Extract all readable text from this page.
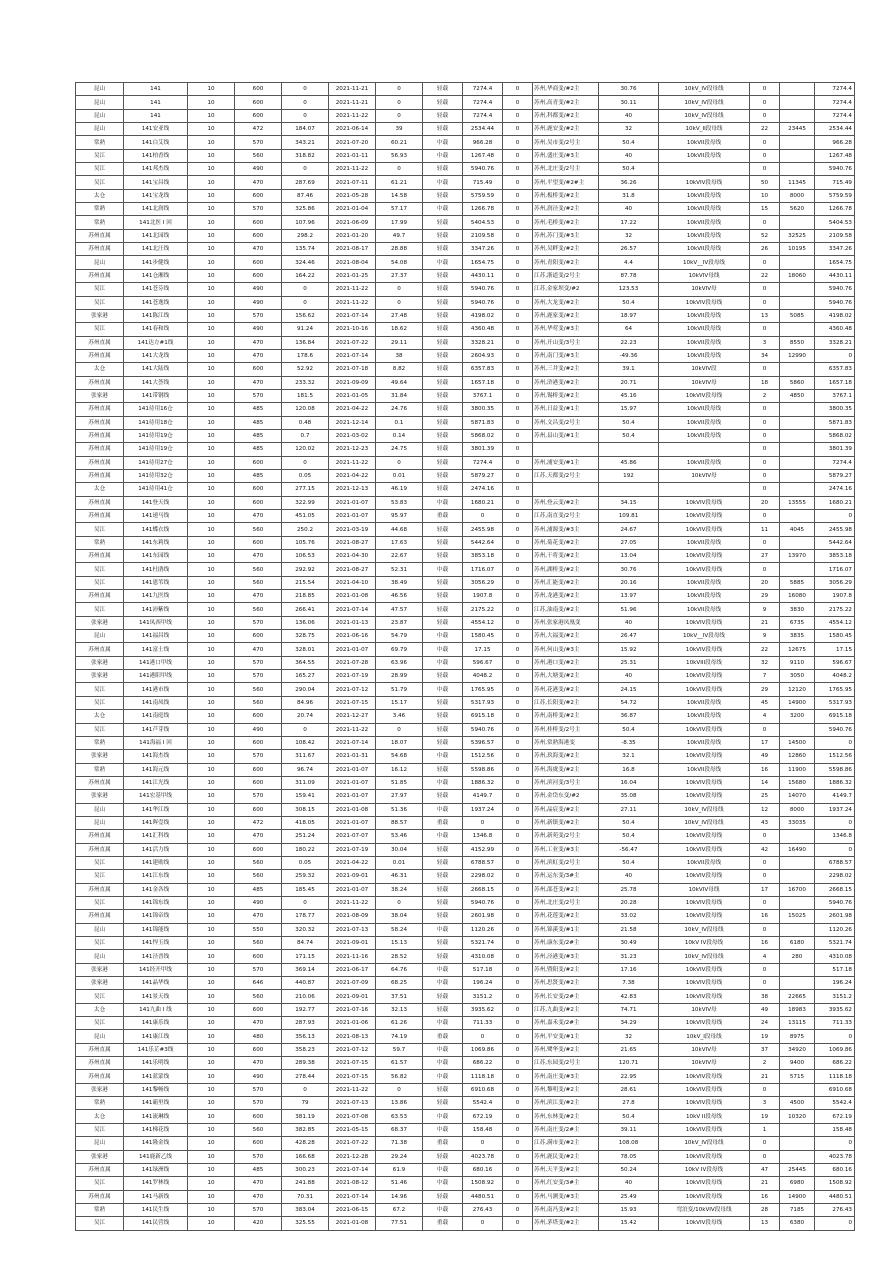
昆山	141	10	600	0	2021-11-21	0	轻载	7274.4	0	苏州,华商变/#2主	30.76	10kV_IV段母线	0		7274.4
昆山	141	10	600	0	2021-11-21	0	轻载	7274.4	0	苏州,高青变/#2主	30.11	10kV_IV段母线	0		7274.4
昆山	141	10	600	0	2021-11-22	0	轻载	7274.4	0	苏州,科都变/#2主	40	10kV_IV段母线	0		7274.4
昆山	141安亚线	10	472	184.07	2021-06-14	39	轻载	2534.44	0	苏州,鹿安变/#2主	32	10kV_II段母线	22	23445	2534.44
常熟	141白艾线	10	570	343.21	2021-07-20	60.21	中载	966.28	0	苏州,吴市变/2号主	50.4	10kVII段母线	0		966.28
吴江	141柏香线	10	560	318.82	2021-01-11	56.93	中载	1267.48	0	苏州,盛庄变/#3主	40	10kVII段母线	0		1267.48
吴江	141邦杰线	10	490	0	2021-11-22	0	轻载	5940.76	0	苏州,北庄变/2号主	50.4		0		5940.76
吴江	141宝昌线	10	470	287.69	2021-07-11	61.21	中载	715.49	0	苏州,平望变/#2#主	36.26	10kVIV段母线	50	11345	715.49
太仓	141宝龙线	10	600	87.46	2021-05-28	14.58	轻载	5759.59	0	苏州,板桥变/#2主	31.8	10kVII段母线	10	8000	5759.59
常熟	141北润线	10	570	325.86	2021-01-04	57.17	中载	1266.78	0	苏州,润泾变/#2主	40	10kVII段母线	15	5620	1266.78
常熟	141北医 I 回	10	600	107.96	2021-06-09	17.99	轻载	5404.53	0	苏州,毛桥变/#2主	17.22	10kVII段母线	0		5404.53
苏州直属	141北园线	10	600	298.2	2021-01-20	49.7	轻载	2109.58	0	苏州,苏门变/#3主	32	10kVII段母线	52	32525	2109.58
苏州直属	141北汪线	10	470	135.74	2021-08-17	28.88	轻载	3347.26	0	苏州,吴畔变/#2主	26.57	10kVII段母线	26	10195	3347.26
昆山	141步健线	10	600	324.46	2021-08-04	54.08	中载	1654.75	0	苏州,青阳变/#2主	4.4	10kV__IV段母线	0		1654.75
苏州直属	141仓湘线	10	600	164.22	2021-01-25	27.37	轻载	4430.11	0	江苏,浙道变/2号主	87.78	10kVIV母线	22	18060	4430.11
吴江	141苍芬线	10	490	0	2021-11-22	0	轻载	5940.76	0	江苏,金家坝变/#2	123.53	10kVIV母	0		5940.76
吴江	141苍逸线	10	490	0	2021-11-22	0	轻载	5940.76	0	苏州,大龙变/#2主	50.4	10kVIV段母线	0		5940.76
张家港	141陈江线	10	570	156.62	2021-07-14	27.48	轻载	4198.02	0	苏州,鹿家变/#2主	18.97	10kVII段母线	13	5085	4198.02
吴江	141春和线	10	490	91.24	2021-10-16	18.62	轻载	4360.48	0	苏州,华莺变/#3主	64	10kVII段母线	0		4360.48
苏州直属	141达方#1线	10	470	136.84	2021-07-22	29.11	轻载	3328.21	0	苏州,开山变/3号主	22.23	10kVII段母线	3	8550	3328.21
苏州直属	141大龙线	10	470	178.6	2021-07-14	38	轻载	2604.93	0	苏州,南门变/#3主	-49.36	10kVII段母线	34	12990	0
太仓	141大陆线	10	600	52.92	2021-07-18	8.82	轻载	6357.83	0	苏州,三井变/#2主	39.1	10kVIV段	0		6357.83
苏州直属	141大荟线	10	470	233.32	2021-09-09	49.64	轻载	1657.18	0	苏州,浒港变/#2主	20.71	10kVIV母	18	5860	1657.18
张家港	141带钢线	10	570	181.5	2021-01-05	31.84	轻载	3767.1	0	苏州,锡桥变/#2主	45.16	10kVIV段母线	2	4850	3767.1
苏州直属	141待用16仓	10	485	120.08	2021-04-22	24.76	轻载	3800.35	0	苏州,日益变/#1主	15.97	10kVII段母线	0		3800.35
苏州直属	141待用18仓	10	485	0.48	2021-12-14	0.1	轻载	5871.83	0	苏州,文昌变/2号主	50.4	10kVII段母线	0		5871.83
苏州直属	141待用19仓	10	485	0.7	2021-03-02	0.14	轻载	5868.02	0	苏州,县山变/#1主	50.4	10kVII段母线	0		5868.02
苏州直属	141待用19仓	10	485	120.02	2021-12-23	24.75	轻载	3801.39	0				0		3801.39
苏州直属	141待用27仓	10	600	0	2021-11-22	0	轻载	7274.4	0	苏州,浦安变/#1主	45.86	10kVII段母线	0		7274.4
苏州直属	141待用32仓	10	485	0.05	2021-04-22	0.01	轻载	5879.27	0	江苏,天都变/2号主	192	10kVIV母	0		5879.27
太仓	141待用41仓	10	600	277.15	2021-12-13	46.19	轻载	2474.16	0				0		2474.16
苏州直属	141登天线	10	600	322.99	2021-01-07	53.83	中载	1680.21	0	苏州,登云变/#2主	34.15	10kVIV段母线	20	13555	1680.21
苏州直属	141递马线	10	470	451.05	2021-01-07	95.97	重载	0	0	江苏,南直变/2号主	109.81	10kVIV段母线	0		0
吴江	141蝶衣线	10	560	250.2	2021-03-19	44.68	轻载	2455.98	0	苏州,浦源变/#3主	24.67	10kVIV段母线	11	4045	2455.98
常熟	141东莉线	10	600	105.76	2021-08-27	17.63	轻载	5442.64	0	苏州,菊花变/#2主	27.05	10kVII段母线	0		5442.64
苏州直属	141东园线	10	470	106.53	2021-04-30	22.67	轻载	3853.18	0	苏州,干将变/#2主	13.04	10kVIV段母线	27	13970	3853.18
吴江	141杜鹃线	10	560	292.92	2021-08-27	52.31	中载	1716.07	0	苏州,湖桥变/#2主	30.76	10kVIV段母线	0		1716.07
吴江	141恩苇线	10	560	215.54	2021-04-10	38.49	轻载	3056.29	0	苏州,汇能变/#2主	20.16	10kVII段母线	20	5885	3056.29
苏州直属	141九医线	10	470	218.85	2021-01-08	46.56	轻载	1907.8	0	苏州,龙港变/#2主	13.97	10kVII段母线	29	16080	1907.8
吴江	141沛紫线	10	560	266.41	2021-07-14	47.57	轻载	2175.22	0	江苏,油南变/#2主	51.96	10kVII段母线	9	3830	2175.22
张家港	141凤西甲线	10	570	136.06	2021-01-13	23.87	轻载	4554.12	0	苏州,张家港凤凰变	40	10kVIV段母线	21	6735	4554.12
昆山	141福昌线	10	600	328.75	2021-06-16	54.79	中载	1580.45	0	苏州,大福变/#2主	26.47	10kV__IV段母线	9	3835	1580.45
苏州直属	141富士线	10	470	328.01	2021-01-07	69.79	中载	17.15	0	苏州,何山变/#3主	15.92	10kVIV段母线	22	12675	17.15
张家港	141港口甲线	10	570	364.55	2021-07-28	63.96	中载	596.67	0	苏州,港口变/#2主	25.31	10kVIII段母线	32	9110	596.67
张家港	141港阳甲线	10	570	165.27	2021-07-19	28.99	轻载	4048.2	0	苏州,大塘变/#2主	40	10kVIV段母线	7	3050	4048.2
吴江	141港市线	10	560	290.04	2021-07-12	51.79	中载	1765.95	0	苏州,花港变/#2主	24.15	10kVIV段母线	29	12120	1765.95
吴江	141南凤线	10	560	84.96	2021-07-15	15.17	轻载	5317.93	0	江苏,长阳变/#2主	54.72	10kVII段母线	45	14900	5317.93
太仓	141南庭线	10	600	20.74	2021-12-27	3.46	轻载	6915.18	0	苏州,南桥变/#2主	36.87	10kVII段母线	4	3200	6915.18
吴江	141芦芽线	10	490	0	2021-11-22	0	轻载	5940.76	0	苏州,桂桥变/2号主	50.4	10kVIV段母线	0		5940.76
常熟	141海福 I 回	10	600	108.42	2021-07-14	18.07	轻载	5396.57	0	苏州,常熟海港变	-8.35	10kVII段母线	17	14500	0
张家港	141海杰线	10	570	311.67	2021-01-31	54.68	中载	1512.56	0	苏州,玖海变/#2主	32.1	10kVIV段母线	49	12860	1512.56
常熟	141海元线	10	600	96.74	2021-01-07	16.12	轻载	5598.86	0	苏州,海虞变/#2主	16.8	10kVII段母线	16	11900	5598.86
苏州直属	141江光线	10	600	311.09	2021-01-07	51.85	中载	1886.32	0	苏州,滨河变/3号主	16.04	10kVIV段母线	14	15680	1886.32
张家港	141宏基甲线	10	570	159.41	2021-01-07	27.97	轻载	4149.7	0	苏州,金岱东变/#2	35.08	10kVIV段母线	25	14070	4149.7
昆山	141华江线	10	600	308.15	2021-01-08	51.36	中载	1937.24	0	苏州,晶宸变/#2主	27.11	10kV_IV段母线	12	8000	1937.24
昆山	141晖壹线	10	472	418.05	2021-01-07	88.57	重载	0	0	苏州,新镇变/#2主	50.4	10kV_IV段母线	43	33035	0
苏州直属	141汇科线	10	470	251.24	2021-07-07	53.46	中载	1346.8	0	苏州,新苑变/2号主	50.4	10kVIV段母线	0		1346.8
苏州直属	141活力线	10	600	180.22	2021-07-19	30.04	轻载	4152.99	0	苏州,工业变/#3主	-56.47	10kVIV段母线	42	16490	0
吴江	141建勋线	10	560	0.05	2021-04-22	0.01	轻载	6788.57	0	苏州,滨虹变/2号主	50.4	10kVII段母线	0		6788.57
吴江	141江东线	10	560	259.32	2021-09-01	46.31	轻载	2298.02	0	苏州,运东变/3#主	40	10kVIV段母线	0		2298.02
苏州直属	141金各线	10	485	185.45	2021-01-07	38.24	轻载	2668.15	0	苏州,邵苍变/#2主	25.78	10kVIV母线	17	16700	2668.15
吴江	141锦东线	10	490	0	2021-11-22	0	轻载	5940.76	0	苏州,北庄变/2号主	20.28	10kVIV段母线	0		5940.76
苏州直属	141锦帝线	10	470	178.77	2021-08-09	38.04	轻载	2601.98	0	苏州,花莲变/#2主	33.02	10kVIV段母线	16	15025	2601.98
昆山	141锦能线	10	550	320.32	2021-07-13	58.24	中载	1120.26	0	苏州,锦溪变/#1主	21.58	10kV_IV段母线	0		1120.26
吴江	141悍玉线	10	560	84.74	2021-09-01	15.13	轻载	5321.74	0	苏州,康东变/2#主	30.49	10kV IV段母线	16	6180	5321.74
昆山	141泾晋线	10	600	171.15	2021-11-16	28.52	轻载	4310.08	0	苏州,泾港变/#3主	31.23	10kV_IV段母线	4	280	4310.08
张家港	141经开甲线	10	570	369.14	2021-06-17	64.76	中载	517.18	0	苏州,暨阳变/#2主	17.16	10kVIV段母线	0		517.18
张家港	141晶华线	10	646	440.87	2021-07-09	68.25	中载	196.24	0	苏州,思贤变/#2主	7.38	10kVIV段母线	0		196.24
吴江	141景天线	10	560	210.06	2021-09-01	37.51	轻载	3151.2	0	苏州,长安变/2#主	42.83	10kVIV段母线	38	22665	3151.2
太仓	141九曲 I 线	10	600	192.77	2021-07-16	32.13	轻载	3935.62	0	江苏,九曲变/#2主	74.71	10kVIV母	49	18983	3935.62
吴江	141康乐线	10	470	287.93	2021-01-06	61.26	中载	711.33	0	苏州,嘉禾变/2#主	34.29	10kVIV段母线	24	13115	711.33
昆山	141康江线	10	480	356.13	2021-08-13	74.19	重载	0	0	苏州,平安变/#1主	32	10kV_I段母线	19	8975	0
苏州直属	141乐芷#3线	10	600	358.23	2021-07-12	59.7	中载	1069.86	0	苏州,鹭华变/#2主	21.65	10kVIV母	37	34920	1069.86
苏州直属	141乐明线	10	470	289.38	2021-07-15	61.57	中载	686.22	0	江苏,东园变/2号主	120.71	10kVIV母	2	9400	686.22
苏州直属	141蓝蒙线	10	490	278.44	2021-07-15	56.82	中载	1118.18	0	苏州,南庄变/#3主	22.95	10kVIV段母线	21	5715	1118.18
张家港	141黎畅线	10	570	0	2021-11-22	0	轻载	6910.68	0	苏州,黎明变/#2主	28.61	10kVIV段母线	0		6910.68
常熟	141霸里线	10	570	79	2021-07-13	13.86	轻载	5542.4	0	苏州,滨江变/#2主	27.8	10kVIV段母线	3	4500	5542.4
太仓	141流琳线	10	600	381.19	2021-07-08	63.53	中载	672.19	0	苏州,东林变/#2主	50.4	10kV II段母线	19	10320	672.19
吴江	141梯花线	10	560	382.85	2021-05-15	68.37	中载	158.48	0	苏州,南庄变/2#主	39.11	10kVIV段母线	1		158.48
昆山	141隆金线	10	600	428.28	2021-07-22	71.38	重载	0	0	江苏,满市变/#2主	108.08	10kV_IV段母线	0		0
张家港	141鹿新乙线	10	570	166.68	2021-12-28	29.24	轻载	4023.78	0	苏州,鹿民变/#2主	78.05	10kVIV段母线	0		4023.78
苏州直属	141绿洲线	10	485	300.23	2021-07-14	61.9	中载	680.16	0	苏州,天平变/#2主	50.24	10kV IV段母线	47	25445	680.16
吴江	141罗林线	10	470	241.88	2021-08-12	51.46	中载	1508.92	0	苏州,红安变/3#主	40	10kVIV段母线	21	6980	1508.92
苏州直属	141马新线	10	470	70.31	2021-07-14	14.96	轻载	4480.51	0	苏州,马测变/#3主	25.49	10kVIV段母线	16	14900	4480.51
常熟	141民生线	10	570	383.04	2021-06-15	67.2	中载	276.43	0	苏州,南冯变/#2主	15.93	弯泊变/10kVIV段母线	28	7185	276.43
吴江	141民营线	10	420	325.55	2021-01-08	77.51	重载	0	0	苏州,茅塔变/#2主	15.42	10kVIV段母线	13	6380	0
